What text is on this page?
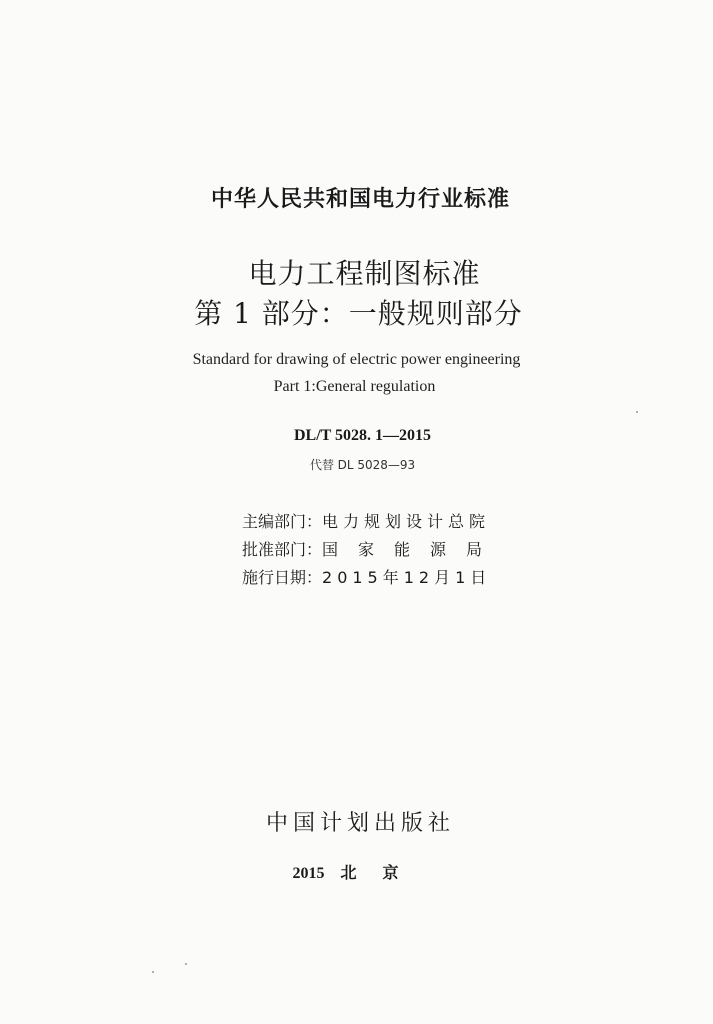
中华人民共和国电力行业标准
电力工程制图标准
第 1 部分：一般规则部分
Standard for drawing of electric power engineering
Part 1:General regulation
DL/T 5028. 1—2015
代替 DL 5028—93
主编部门：电力规划设计总院
批准部门：国家能源局
施行日期：2015年12月1日
中国计划出版社
2015 北京
